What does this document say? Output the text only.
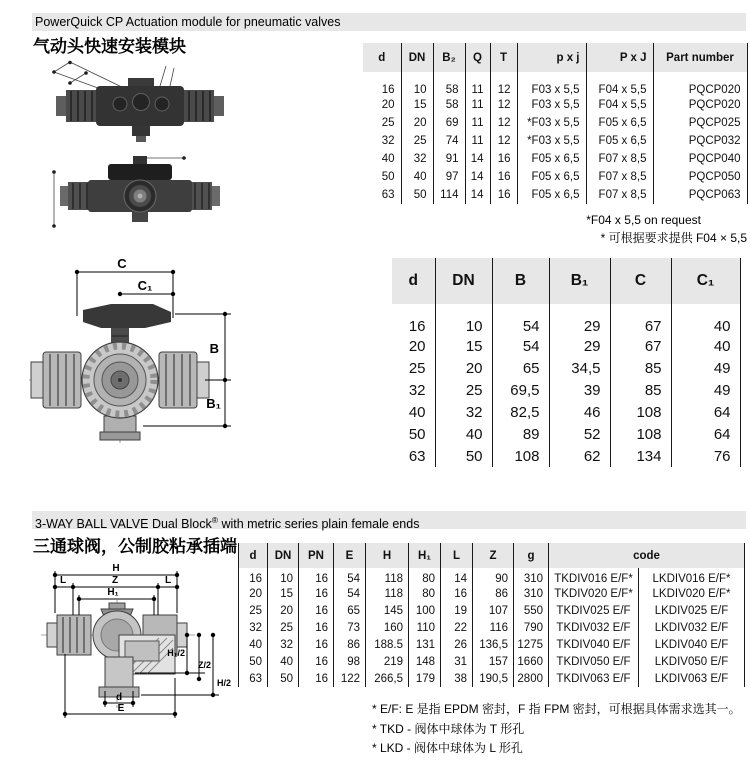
PowerQuick CP Actuation module for pneumatic valves
气动头快速安装模块
d	DN	B₂	Q	T	p x j	P x J	Part number
16	10	58	11	12	F03 x 5,5	F04 x 5,5	PQCP020
20	15	58	11	12	F03 x 5,5	F04 x 5,5	PQCP020
25	20	69	11	12	*F03 x 5,5	F05 x 6,5	PQCP025
32	25	74	11	12	*F03 x 5,5	F05 x 6,5	PQCP032
40	32	91	14	16	F05 x 6,5	F07 x 8,5	PQCP040
50	40	97	14	16	F05 x 6,5	F07 x 8,5	PQCP050
63	50	114	14	16	F05 x 6,5	F07 x 8,5	PQCP063
*F04 x 5,5 on request
* 可根据要求提供 F04 × 5,5
C
C₁
B
B₁
d	DN	B	B₁	C	C₁
16	10	54	29	67	40
20	15	54	29	67	40
25	20	65	34,5	85	49
32	25	69,5	39	85	49
40	32	82,5	46	108	64
50	40	89	52	108	64
63	50	108	62	134	76
3-WAY BALL VALVE Dual Block® with metric series plain female ends
三通球阀，公制胶粘承插端
H
L	Z	L
H₁
H₁/2
Z/2
H/2
d
E
d	DN	PN	E	H	H₁	L	Z	g	code	
16	10	16	54	118	80	14	90	310	TKDIV016 E/F*	LKDIV016 E/F*
20	15	16	54	118	80	16	86	310	TKDIV020 E/F*	LKDIV020 E/F*
25	20	16	65	145	100	19	107	550	TKDIV025 E/F	LKDIV025 E/F
32	25	16	73	160	110	22	116	790	TKDIV032 E/F	LKDIV032 E/F
40	32	16	86	188.5	131	26	136,5	1275	TKDIV040 E/F	LKDIV040 E/F
50	40	16	98	219	148	31	157	1660	TKDIV050 E/F	LKDIV050 E/F
63	50	16	122	266,5	179	38	190,5	2800	TKDIV063 E/F	LKDIV063 E/F
* E/F: E 是指 EPDM 密封，F 指 FPM 密封，可根据具体需求选其一。
* TKD - 阀体中球体为 T 形孔
* LKD - 阀体中球体为 L 形孔
